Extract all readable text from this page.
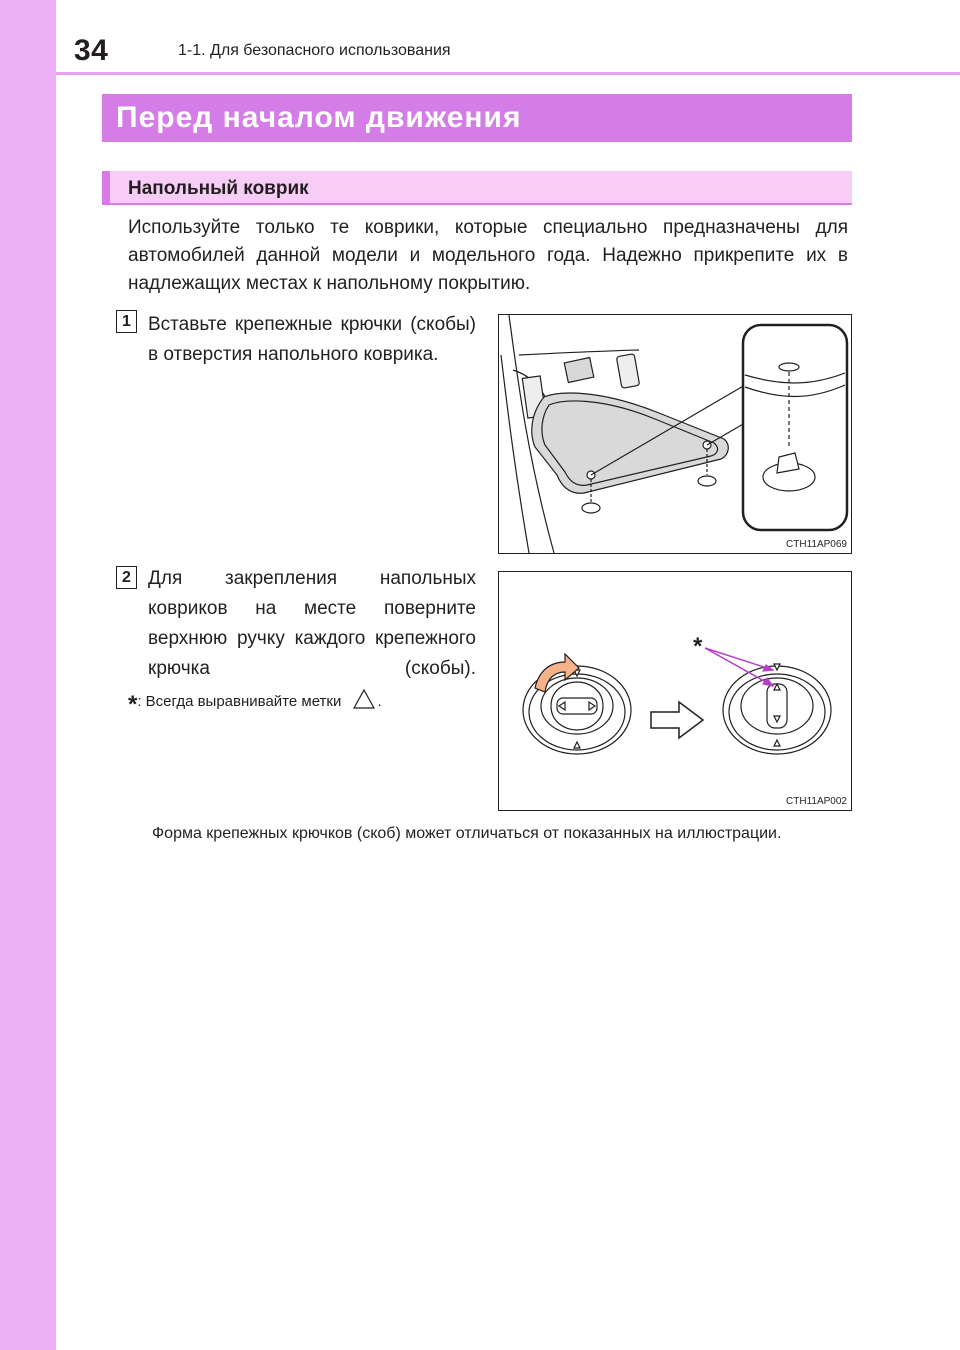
34	1-1. Для безопасного использования
Перед началом движения
Напольный коврик

Используйте только те коврики, которые специально предназначены для автомобилей данной модели и модельного года. Надежно прикрепите их в надлежащих местах к напольному покрытию.

1 Вставьте крепежные крючки (скобы) в отверстия напольного коврика.

CTH11AP069
2 Для закрепления напольных ковриков на месте поверните верхнюю ручку каждого крепежного крючка (скобы).

*: Всегда выравнивайте метки .
*
CTH11AP002

Форма крепежных крючков (скоб) может отличаться от показанных на иллюстрации.
